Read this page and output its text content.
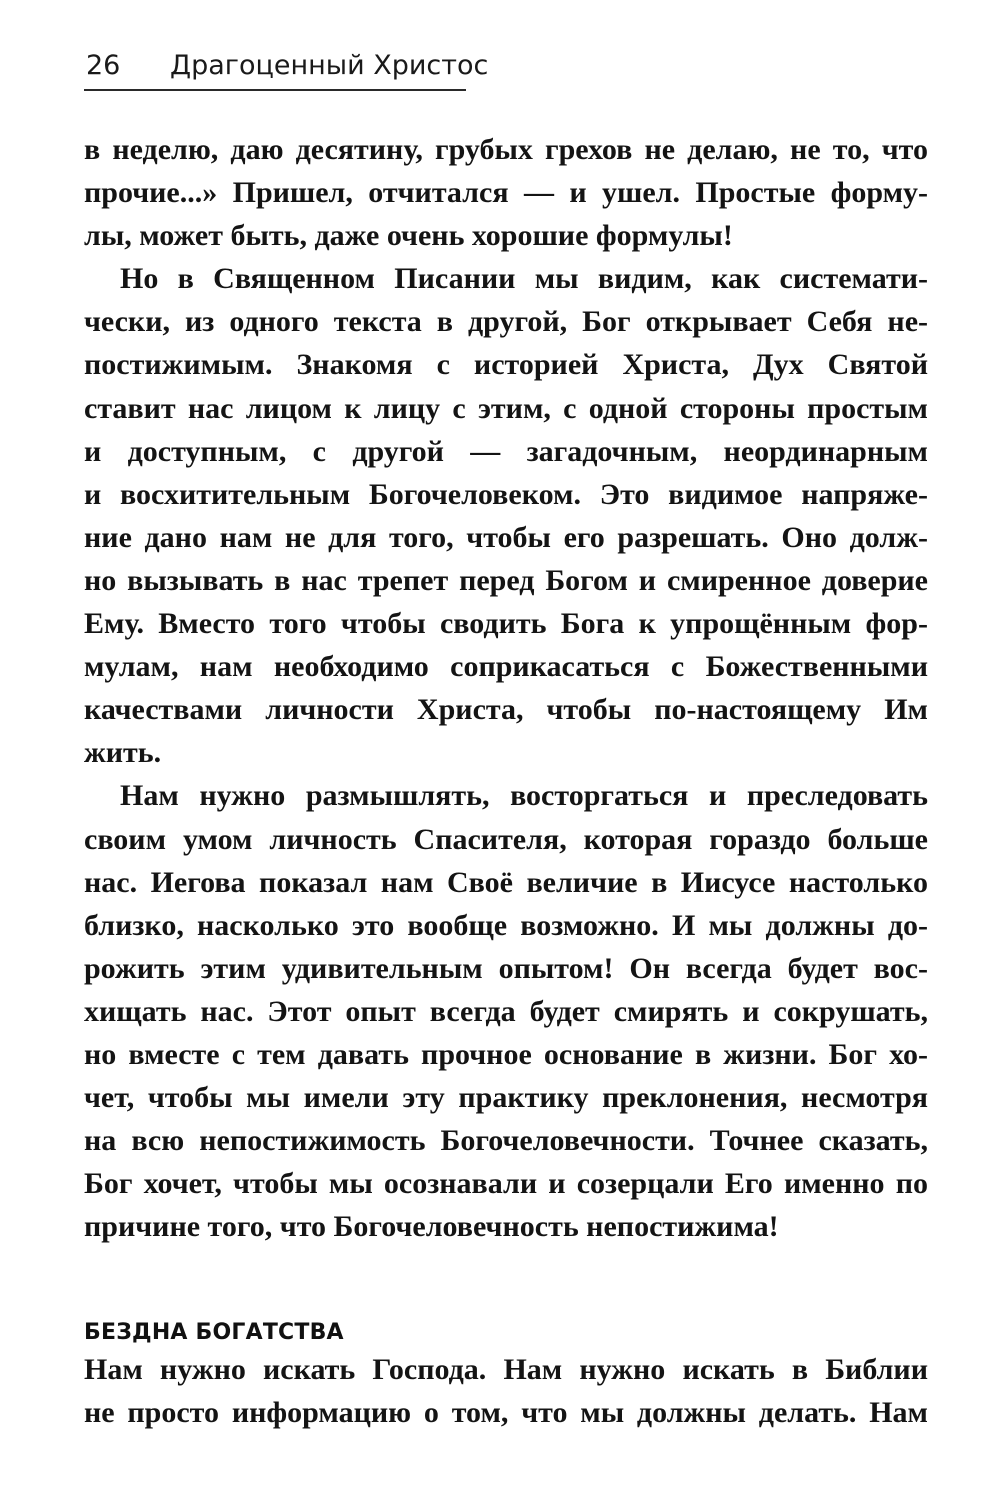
26 Драгоценный Христос

в неделю, даю десятину, грубых грехов не делаю, не то, что
прочие...» Пришел, отчитался — и ушел. Простые форму-
лы, может быть, даже очень хорошие формулы!

Но в Священном Писании мы видим, как системати-
чески, из одного текста в другой, Бог открывает Себя не-
постижимым. Знакомя с историей Христа, Дух Святой
ставит нас лицом к лицу с этим, с одной стороны простым
и доступным, с другой — загадочным, неординарным
и восхитительным Богочеловеком. Это видимое напряже-
ние дано нам не для того, чтобы его разрешать. Оно долж-
но вызывать в нас трепет перед Богом и смиренное доверие
Ему. Вместо того чтобы сводить Бога к упрощённым фор-
мулам, нам необходимо соприкасаться с Божественными
качествами личности Христа, чтобы по-настоящему Им
жить.

Нам нужно размышлять, восторгаться и преследовать
своим умом личность Спасителя, которая гораздо больше
нас. Иегова показал нам Своё величие в Иисусе настолько
близко, насколько это вообще возможно. И мы должны до-
рожить этим удивительным опытом! Он всегда будет вос-
хищать нас. Этот опыт всегда будет смирять и сокрушать,
но вместе с тем давать прочное основание в жизни. Бог хо-
чет, чтобы мы имели эту практику преклонения, несмотря
на всю непостижимость Богочеловечности. Точнее сказать,
Бог хочет, чтобы мы осознавали и созерцали Его именно по
причине того, что Богочеловечность непостижима!

БЕЗДНА БОГАТСТВА

Нам нужно искать Господа. Нам нужно искать в Библии
не просто информацию о том, что мы должны делать. Нам
